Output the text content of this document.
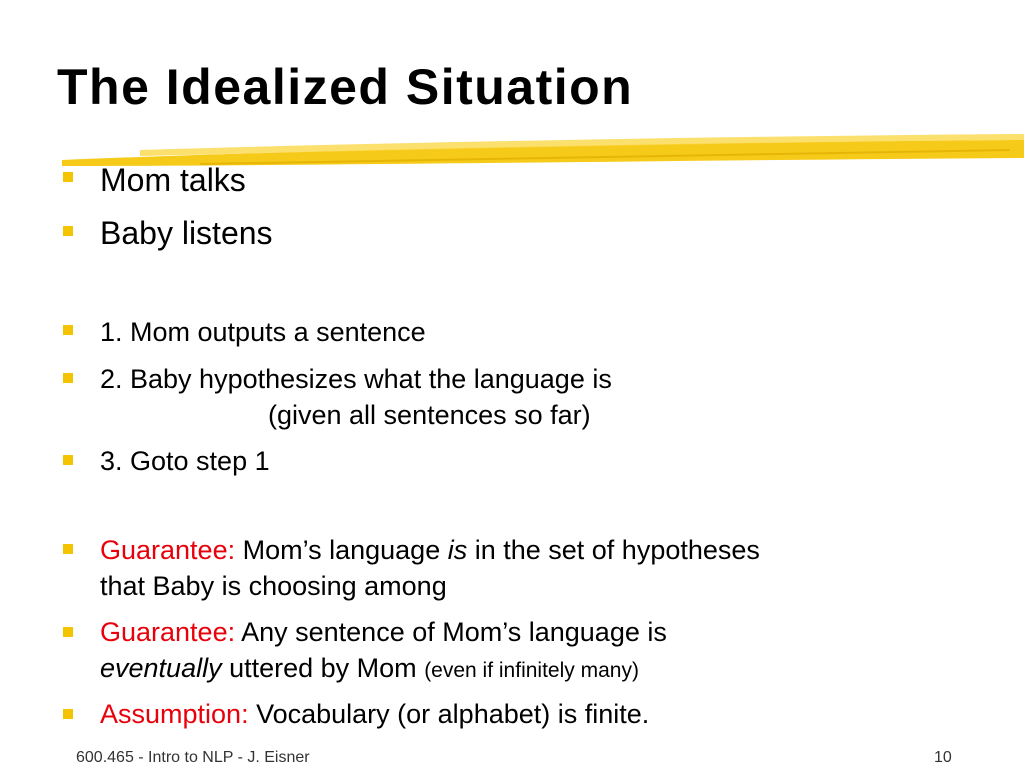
The Idealized Situation

Mom talks

Baby listens

1. Mom outputs a sentence

2. Baby hypothesizes what the language is

(given all sentences so far)

3. Goto step 1

Guarantee: Mom’s language is in the set of hypotheses

that Baby is choosing among

Guarantee: Any sentence of Mom’s language is

eventually uttered by Mom (even if infinitely many)

Assumption: Vocabulary (or alphabet) is finite.

600.465 - Intro to NLP - J. Eisner	10
